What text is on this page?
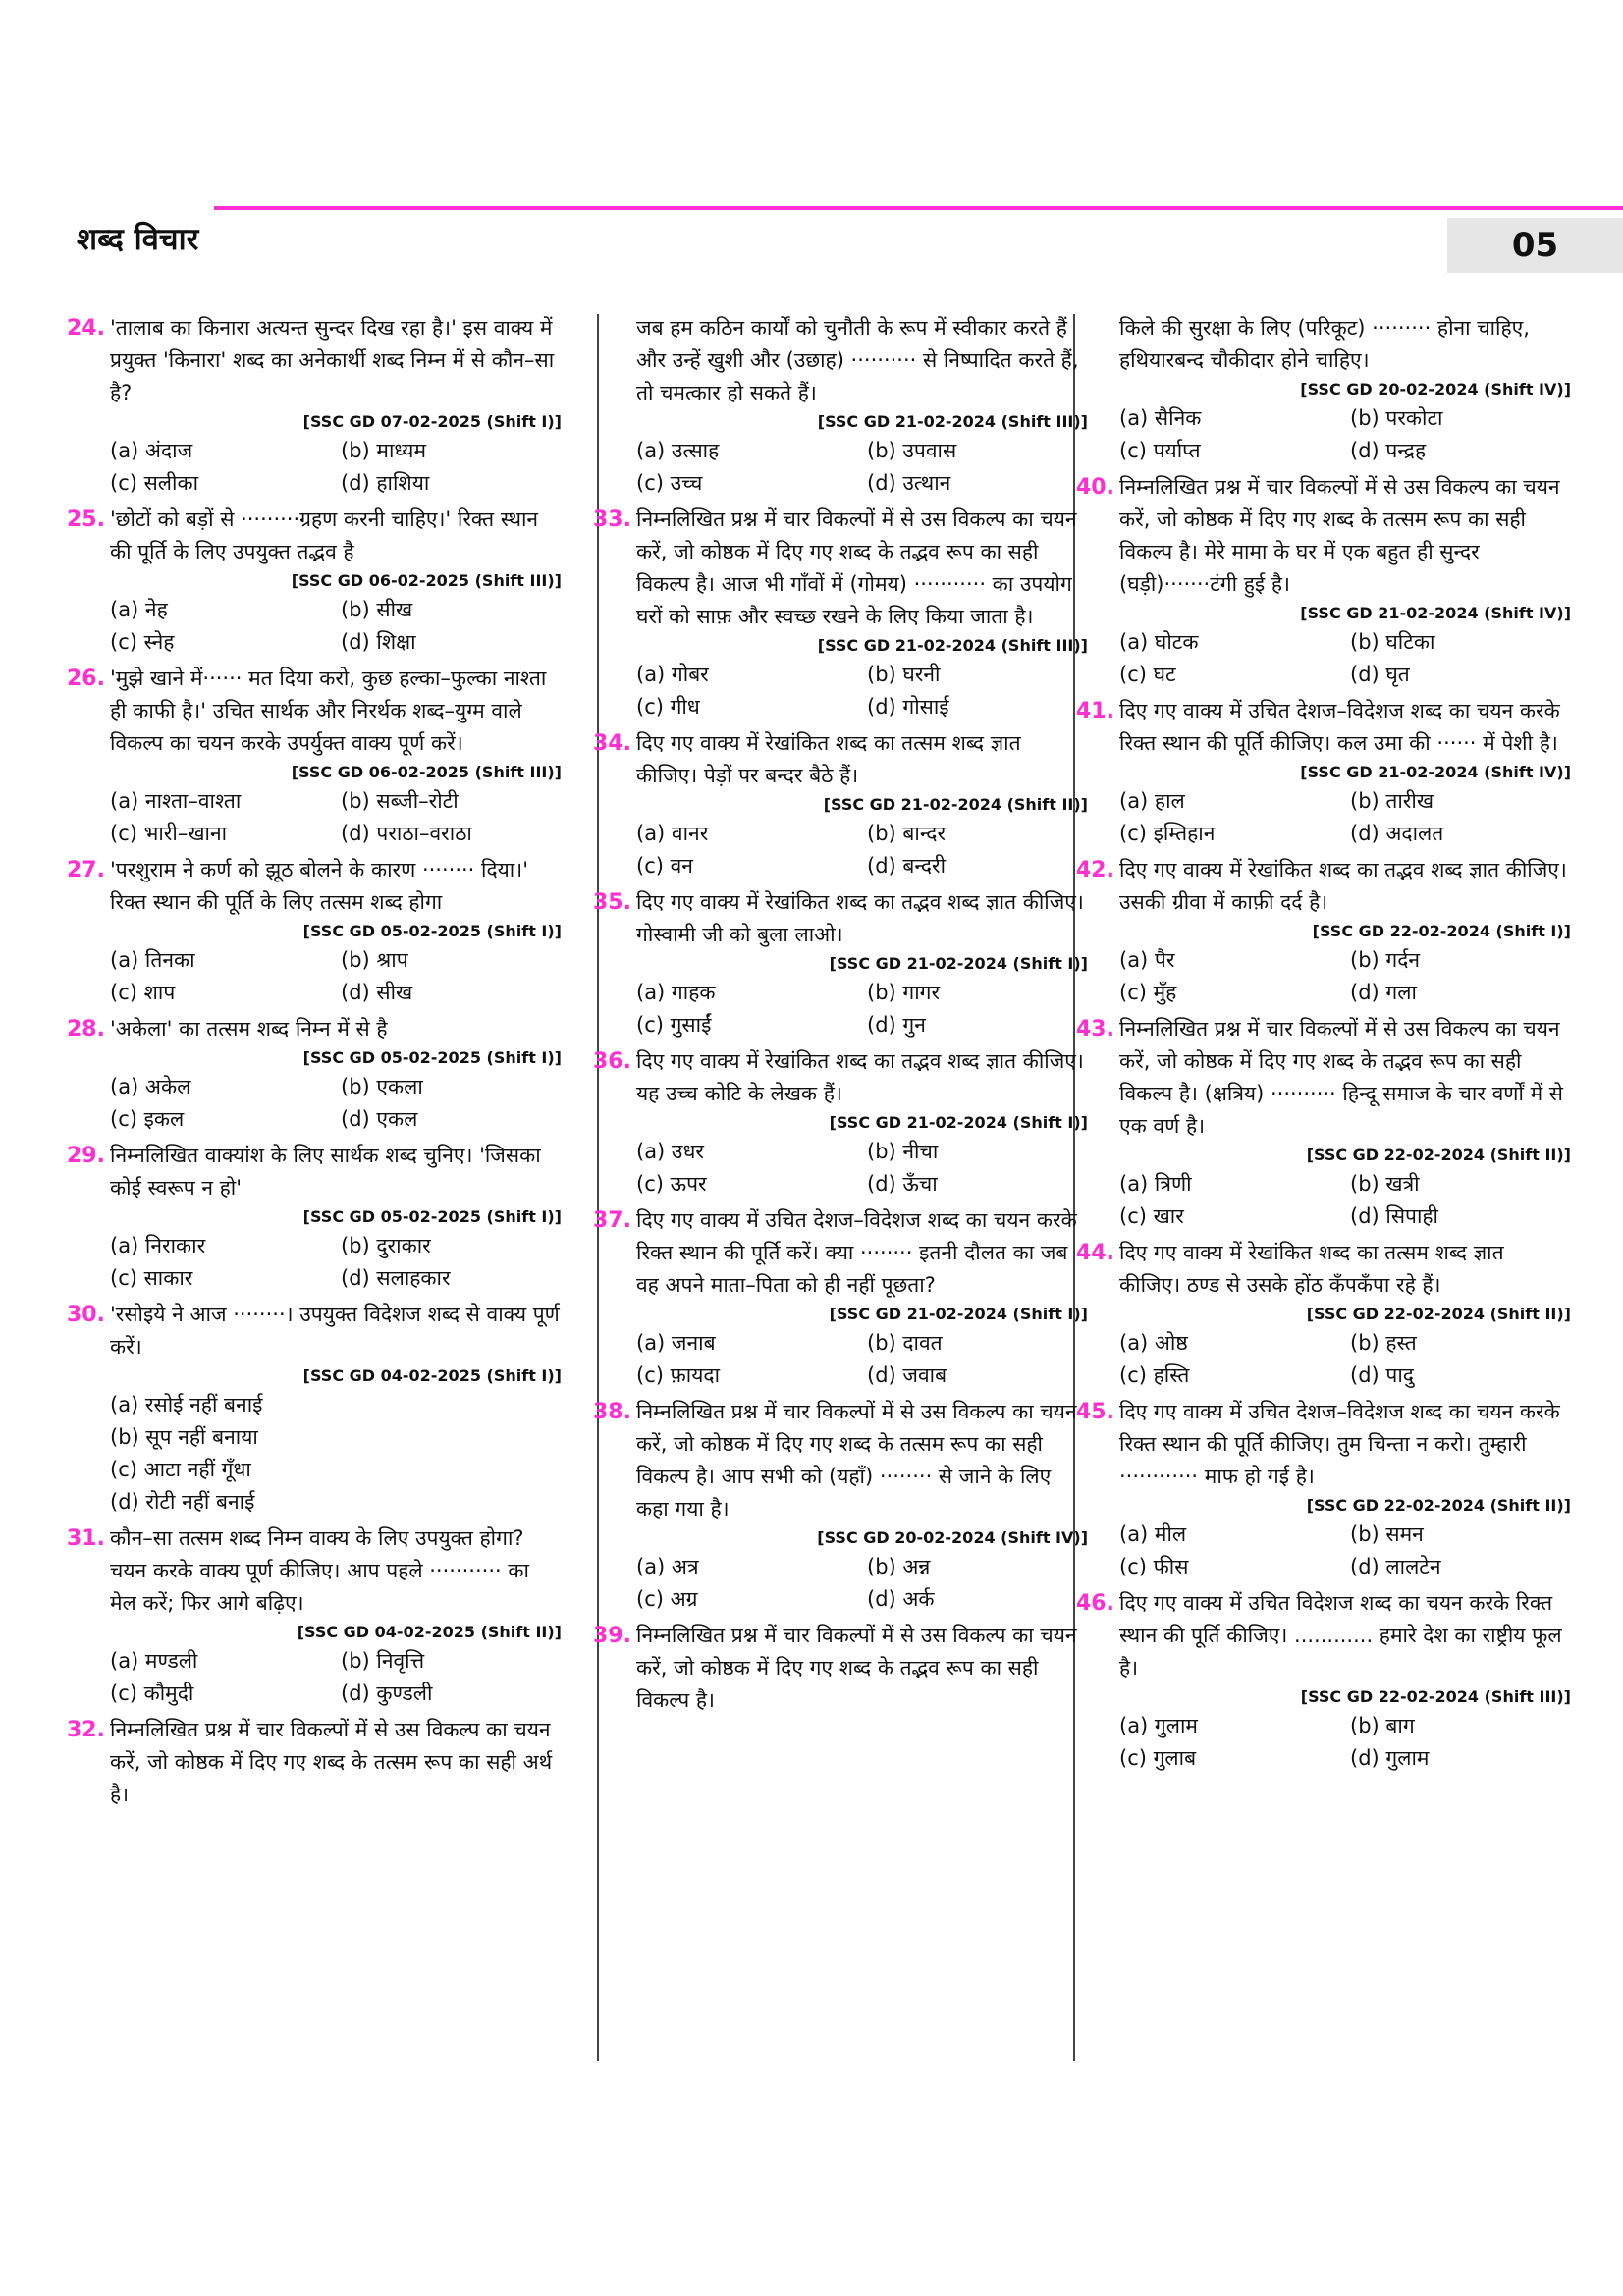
शब्द विचार	05
24. 'तालाब का किनारा अत्यन्त सुन्दर दिख रहा है।' इस वाक्य में प्रयुक्त 'किनारा' शब्द का अनेकार्थी शब्द निम्न में से कौन–सा है?
[SSC GD 07-02-2025 (Shift I)]
(a) अंदाज	(b) माध्यम
(c) सलीका	(d) हाशिया
25. 'छोटों को बड़ों से ·········ग्रहण करनी चाहिए।' रिक्त स्थान की पूर्ति के लिए उपयुक्त तद्भव है
[SSC GD 06-02-2025 (Shift III)]
(a) नेह	(b) सीख
(c) स्नेह	(d) शिक्षा
26. 'मुझे खाने में······ मत दिया करो, कुछ हल्का–फुल्का नाश्ता ही काफी है।' उचित सार्थक और निरर्थक शब्द–युग्म वाले विकल्प का चयन करके उपर्युक्त वाक्य पूर्ण करें।
[SSC GD 06-02-2025 (Shift III)]
(a) नाश्ता–वाश्ता	(b) सब्जी–रोटी
(c) भारी–खाना	(d) पराठा–वराठा
27. 'परशुराम ने कर्ण को झूठ बोलने के कारण ········ दिया।' रिक्त स्थान की पूर्ति के लिए तत्सम शब्द होगा
[SSC GD 05-02-2025 (Shift I)]
(a) तिनका	(b) श्राप
(c) शाप	(d) सीख
28. 'अकेला' का तत्सम शब्द निम्न में से है
[SSC GD 05-02-2025 (Shift I)]
(a) अकेल	(b) एकला
(c) इकल	(d) एकल
29. निम्नलिखित वाक्यांश के लिए सार्थक शब्द चुनिए। 'जिसका कोई स्वरूप न हो'
[SSC GD 05-02-2025 (Shift I)]
(a) निराकार	(b) दुराकार
(c) साकार	(d) सलाहकार
30. 'रसोइये ने आज ········। उपयुक्त विदेशज शब्द से वाक्य पूर्ण करें।
[SSC GD 04-02-2025 (Shift I)]
(a) रसोई नहीं बनाई
(b) सूप नहीं बनाया
(c) आटा नहीं गूँधा
(d) रोटी नहीं बनाई
31. कौन–सा तत्सम शब्द निम्न वाक्य के लिए उपयुक्त होगा? चयन करके वाक्य पूर्ण कीजिए। आप पहले ··········· का मेल करें; फिर आगे बढ़िए।
[SSC GD 04-02-2025 (Shift II)]
(a) मण्डली	(b) निवृत्ति
(c) कौमुदी	(d) कुण्डली
32. निम्नलिखित प्रश्न में चार विकल्पों में से उस विकल्प का चयन करें, जो कोष्ठक में दिए गए शब्द के तत्सम रूप का सही अर्थ है।
जब हम कठिन कार्यों को चुनौती के रूप में स्वीकार करते हैं और उन्हें खुशी और (उछाह) ·········· से निष्पादित करते हैं, तो चमत्कार हो सकते हैं।
[SSC GD 21-02-2024 (Shift III)]
(a) उत्साह	(b) उपवास
(c) उच्च	(d) उत्थान
33. निम्नलिखित प्रश्न में चार विकल्पों में से उस विकल्प का चयन करें, जो कोष्ठक में दिए गए शब्द के तद्भव रूप का सही विकल्प है। आज भी गाँवों में (गोमय) ··········· का उपयोग घरों को साफ़ और स्वच्छ रखने के लिए किया जाता है।
[SSC GD 21-02-2024 (Shift III)]
(a) गोबर	(b) घरनी
(c) गीध	(d) गोसाई
34. दिए गए वाक्य में रेखांकित शब्द का तत्सम शब्द ज्ञात कीजिए। पेड़ों पर बन्दर बैठे हैं।
[SSC GD 21-02-2024 (Shift II)]
(a) वानर	(b) बान्दर
(c) वन	(d) बन्दरी
35. दिए गए वाक्य में रेखांकित शब्द का तद्भव शब्द ज्ञात कीजिए। गोस्वामी जी को बुला लाओ।
[SSC GD 21-02-2024 (Shift I)]
(a) गाहक	(b) गागर
(c) गुसाईं	(d) गुन
36. दिए गए वाक्य में रेखांकित शब्द का तद्भव शब्द ज्ञात कीजिए। यह उच्च कोटि के लेखक हैं।
[SSC GD 21-02-2024 (Shift I)]
(a) उधर	(b) नीचा
(c) ऊपर	(d) ऊँचा
37. दिए गए वाक्य में उचित देशज–विदेशज शब्द का चयन करके रिक्त स्थान की पूर्ति करें। क्या ········ इतनी दौलत का जब वह अपने माता–पिता को ही नहीं पूछता?
[SSC GD 21-02-2024 (Shift I)]
(a) जनाब	(b) दावत
(c) फ़ायदा	(d) जवाब
38. निम्नलिखित प्रश्न में चार विकल्पों में से उस विकल्प का चयन करें, जो कोष्ठक में दिए गए शब्द के तत्सम रूप का सही विकल्प है। आप सभी को (यहाँ) ········ से जाने के लिए कहा गया है।
[SSC GD 20-02-2024 (Shift IV)]
(a) अत्र	(b) अन्न
(c) अग्र	(d) अर्क
39. निम्नलिखित प्रश्न में चार विकल्पों में से उस विकल्प का चयन करें, जो कोष्ठक में दिए गए शब्द के तद्भव रूप का सही विकल्प है।
किले की सुरक्षा के लिए (परिकूट) ········· होना चाहिए, हथियारबन्द चौकीदार होने चाहिए।
[SSC GD 20-02-2024 (Shift IV)]
(a) सैनिक	(b) परकोटा
(c) पर्याप्त	(d) पन्द्रह
40. निम्नलिखित प्रश्न में चार विकल्पों में से उस विकल्प का चयन करें, जो कोष्ठक में दिए गए शब्द के तत्सम रूप का सही विकल्प है। मेरे मामा के घर में एक बहुत ही सुन्दर (घड़ी)·······टंगी हुई है।
[SSC GD 21-02-2024 (Shift IV)]
(a) घोटक	(b) घटिका
(c) घट	(d) घृत
41. दिए गए वाक्य में उचित देशज–विदेशज शब्द का चयन करके रिक्त स्थान की पूर्ति कीजिए। कल उमा की ······ में पेशी है।
[SSC GD 21-02-2024 (Shift IV)]
(a) हाल	(b) तारीख
(c) इम्तिहान	(d) अदालत
42. दिए गए वाक्य में रेखांकित शब्द का तद्भव शब्द ज्ञात कीजिए। उसकी ग्रीवा में काफ़ी दर्द है।
[SSC GD 22-02-2024 (Shift I)]
(a) पैर	(b) गर्दन
(c) मुँह	(d) गला
43. निम्नलिखित प्रश्न में चार विकल्पों में से उस विकल्प का चयन करें, जो कोष्ठक में दिए गए शब्द के तद्भव रूप का सही विकल्प है। (क्षत्रिय) ·········· हिन्दू समाज के चार वर्णों में से एक वर्ण है।
[SSC GD 22-02-2024 (Shift II)]
(a) त्रिणी	(b) खत्री
(c) खार	(d) सिपाही
44. दिए गए वाक्य में रेखांकित शब्द का तत्सम शब्द ज्ञात कीजिए। ठण्ड से उसके होंठ कँपकँपा रहे हैं।
[SSC GD 22-02-2024 (Shift II)]
(a) ओष्ठ	(b) हस्त
(c) हस्ति	(d) पादु
45. दिए गए वाक्य में उचित देशज–विदेशज शब्द का चयन करके रिक्त स्थान की पूर्ति कीजिए। तुम चिन्ता न करो। तुम्हारी ············ माफ हो गई है।
[SSC GD 22-02-2024 (Shift II)]
(a) मील	(b) समन
(c) फीस	(d) लालटेन
46. दिए गए वाक्य में उचित विदेशज शब्द का चयन करके रिक्त स्थान की पूर्ति कीजिए। ............ हमारे देश का राष्ट्रीय फूल है।
[SSC GD 22-02-2024 (Shift III)]
(a) गुलाम	(b) बाग
(c) गुलाब	(d) गुलाम
